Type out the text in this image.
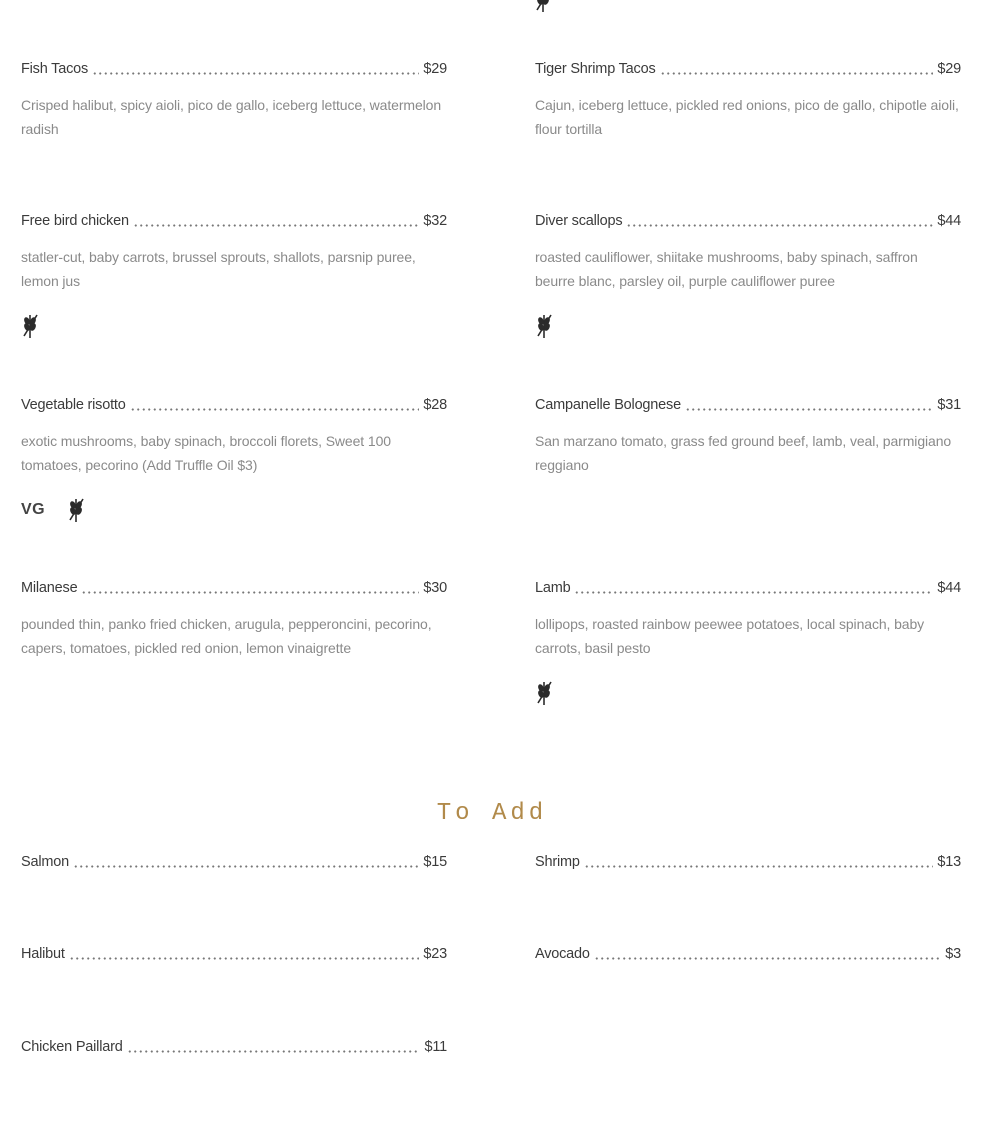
Fish Tacos	$29
Crisped halibut, spicy aioli, pico de gallo, iceberg lettuce, watermelon radish
Tiger Shrimp Tacos	$29
Cajun, iceberg lettuce, pickled red onions, pico de gallo, chipotle aioli, flour tortilla
Free bird chicken	$32
statler-cut, baby carrots, brussel sprouts, shallots, parsnip puree, lemon jus
Diver scallops	$44
roasted cauliflower, shiitake mushrooms, baby spinach, saffron beurre blanc, parsley oil, purple cauliflower puree
Vegetable risotto	$28
exotic mushrooms, baby spinach, broccoli florets, Sweet 100 tomatoes, pecorino (Add Truffle Oil $3)
VG
Campanelle Bolognese	$31
San marzano tomato, grass fed ground beef, lamb, veal, parmigiano reggiano
Milanese	$30
pounded thin, panko fried chicken, arugula, pepperoncini, pecorino, capers, tomatoes, pickled red onion, lemon vinaigrette
Lamb	$44
lollipops, roasted rainbow peewee potatoes, local spinach, baby carrots, basil pesto
To Add
Salmon	$15	Shrimp	$13
Halibut	$23	Avocado	$3
Chicken Paillard	$11
